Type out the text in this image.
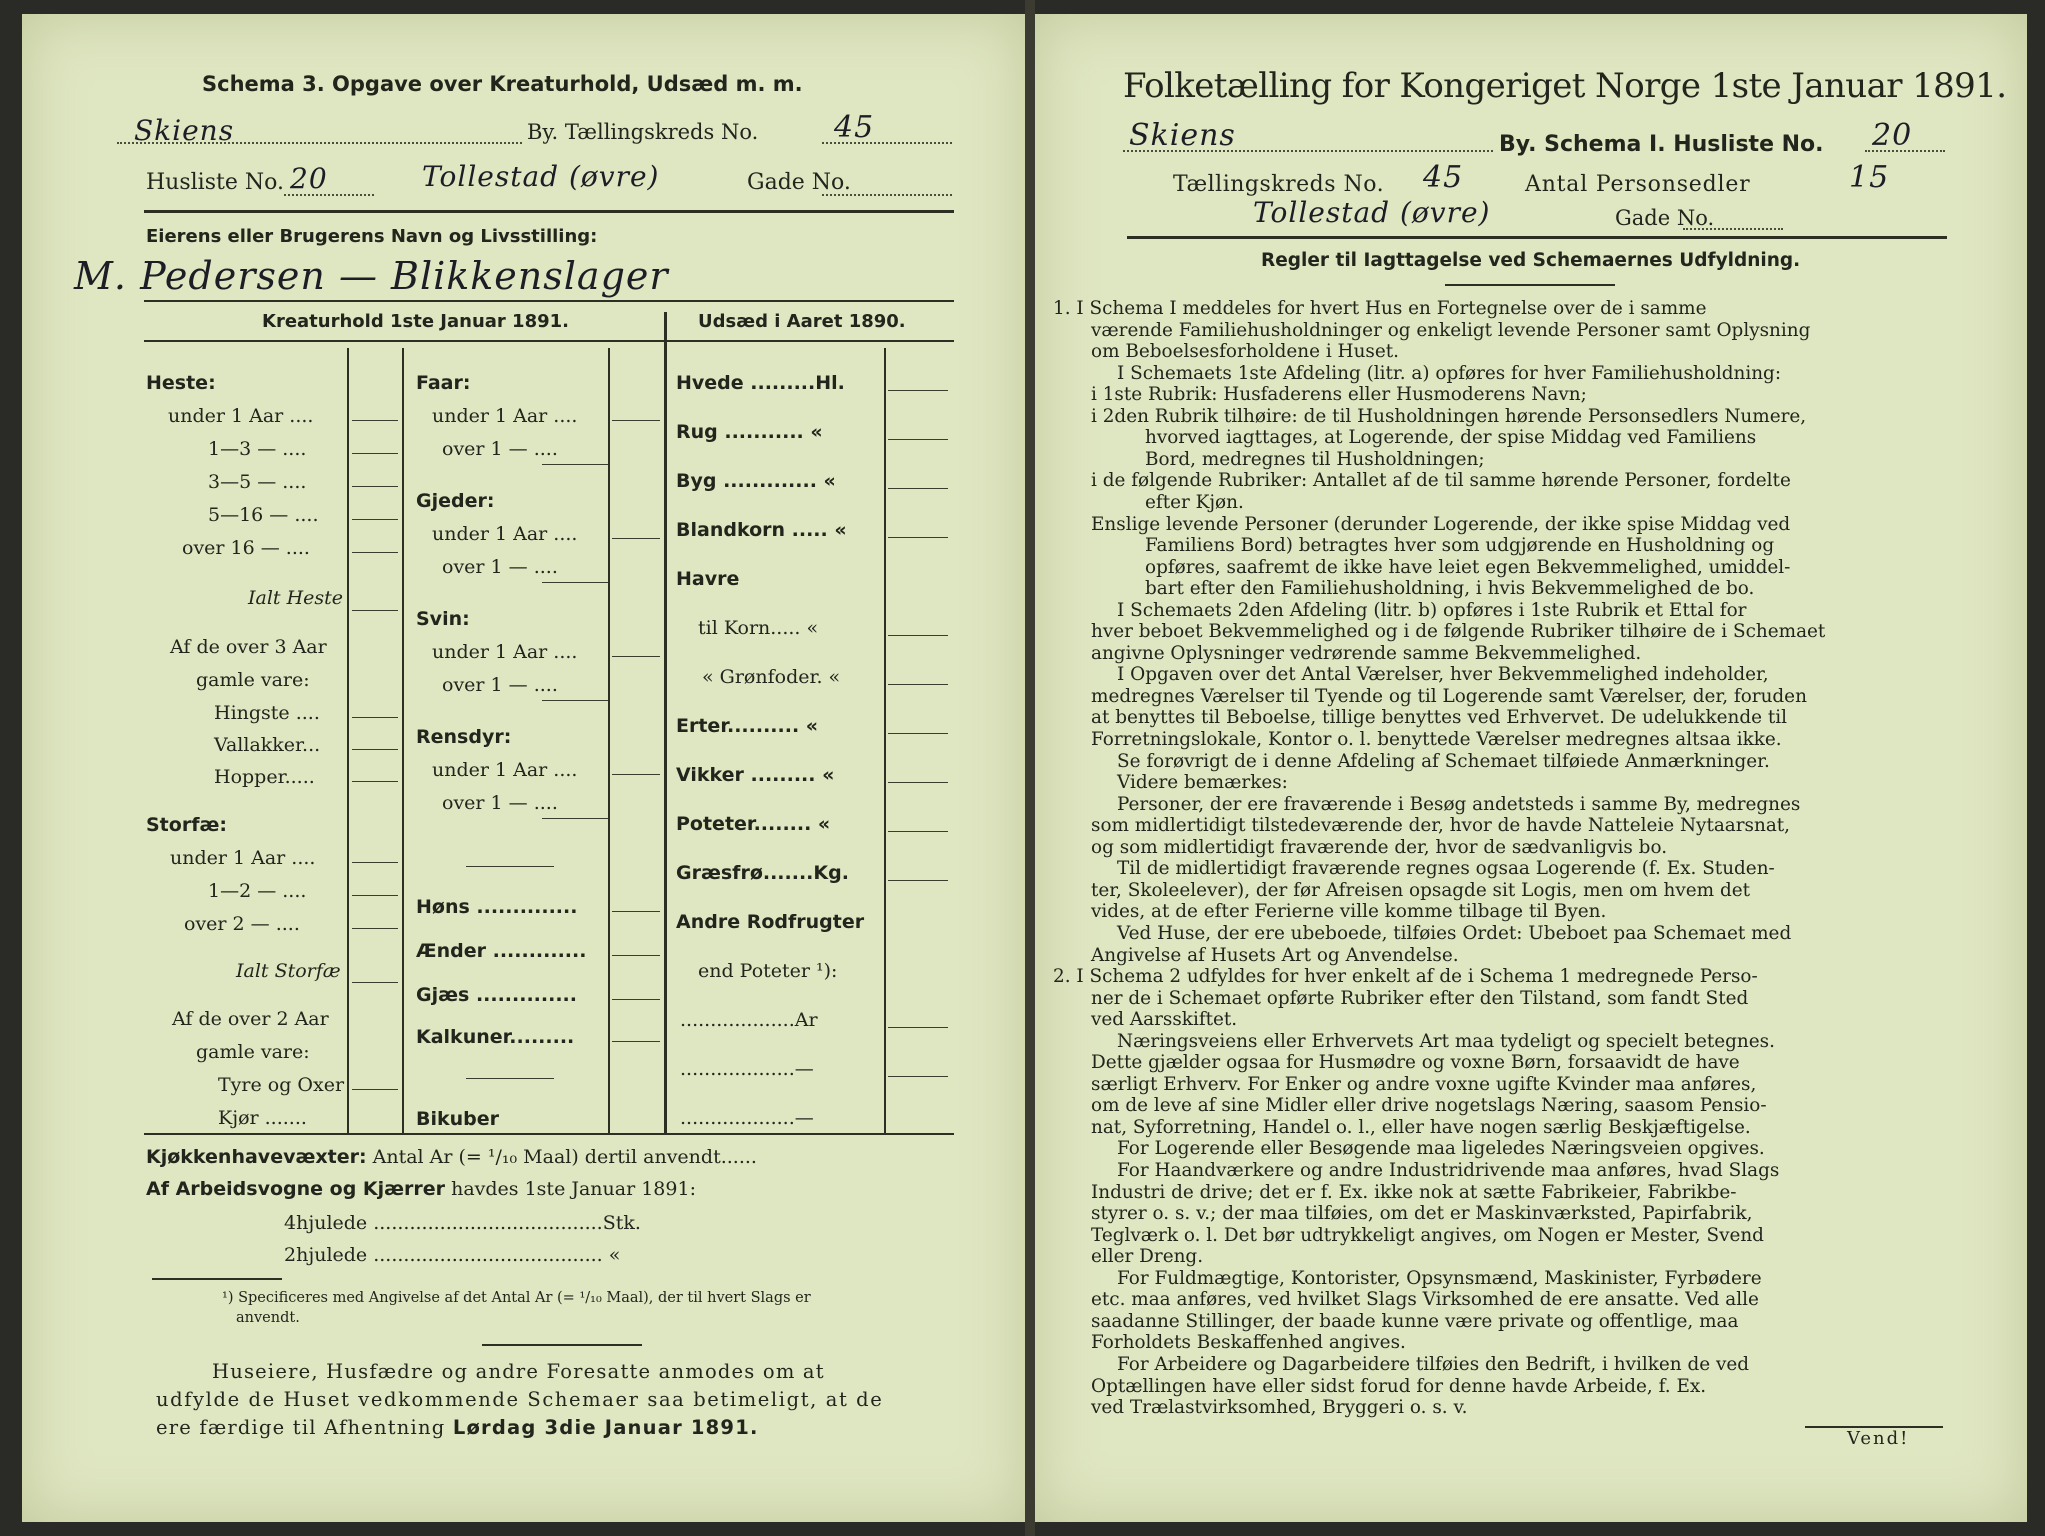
Schema 3. Opgave over Kreaturhold, Udsæd m. m.
Skiens	By. Tællingskreds No.	45
Husliste No. 20	Tollestad (øvre)	Gade No.
Eierens eller Brugerens Navn og Livsstilling:
M. Pedersen — Blikkenslager
Kreaturhold 1ste Januar 1891.	Udsæd i Aaret 1890.
Heste:
under 1 Aar ....
1—3 — ....
3—5 — ....
5—16 — ....
over 16 — ....
Ialt Heste
Af de over 3 Aar
gamle vare:
Hingste ....
Vallakker...
Hopper.....
Storfæ:
under 1 Aar ....
1—2 — ....
over 2 — ....
Ialt Storfæ
Af de over 2 Aar
gamle vare:
Tyre og Oxer
Kjør .......
Faar:
under 1 Aar ....
over 1 — ....
Gjeder:
under 1 Aar ....
over 1 — ....
Svin:
under 1 Aar ....
over 1 — ....
Rensdyr:
under 1 Aar ....
over 1 — ....
Høns ..............
Ænder .............
Gjæs ..............
Kalkuner.........
Bikuber
Hvede .........Hl.
Rug ........... «
Byg ............. «
Blandkorn ..... «
Havre
til Korn..... «
« Grønfoder. «
Erter.......... «
Vikker ......... «
Poteter........ «
Græsfrø.......Kg.
Andre Rodfrugter
end Poteter ¹):
...................Ar
...................—
...................—
Kjøkkenhavevæxter: Antal Ar (= ¹/₁₀ Maal) dertil anvendt......
Af Arbeidsvogne og Kjærrer havdes 1ste Januar 1891:
4hjulede ......................................Stk.
2hjulede ...................................... «
¹) Specificeres med Angivelse af det Antal Ar (= ¹/₁₀ Maal), der til hvert Slags er
anvendt.
Huseiere, Husfædre og andre Foresatte anmodes om at
udfylde de Huset vedkommende Schemaer saa betimeligt, at de
ere færdige til Afhentning Lørdag 3die Januar 1891.
Folketælling for Kongeriget Norge 1ste Januar 1891.
Skiens	By. Schema I. Husliste No. 20
Tællingskreds No. 45	Antal Personsedler	15
Tollestad (øvre)	Gade No.
Regler til Iagttagelse ved Schemaernes Udfyldning.
1. I Schema I meddeles for hvert Hus en Fortegnelse over de i samme
værende Familiehusholdninger og enkeligt levende Personer samt Oplysning
om Beboelsesforholdene i Huset.
I Schemaets 1ste Afdeling (litr. a) opføres for hver Familiehusholdning:
i 1ste Rubrik: Husfaderens eller Husmoderens Navn;
i 2den Rubrik tilhøire: de til Husholdningen hørende Personsedlers Numere,
hvorved iagttages, at Logerende, der spise Middag ved Familiens
Bord, medregnes til Husholdningen;
i de følgende Rubriker: Antallet af de til samme hørende Personer, fordelte
efter Kjøn.
Enslige levende Personer (derunder Logerende, der ikke spise Middag ved
Familiens Bord) betragtes hver som udgjørende en Husholdning og
opføres, saafremt de ikke have leiet egen Bekvemmelighed, umiddel-
bart efter den Familiehusholdning, i hvis Bekvemmelighed de bo.
I Schemaets 2den Afdeling (litr. b) opføres i 1ste Rubrik et Ettal for
hver beboet Bekvemmelighed og i de følgende Rubriker tilhøire de i Schemaet
angivne Oplysninger vedrørende samme Bekvemmelighed.
I Opgaven over det Antal Værelser, hver Bekvemmelighed indeholder,
medregnes Værelser til Tyende og til Logerende samt Værelser, der, foruden
at benyttes til Beboelse, tillige benyttes ved Erhvervet. De udelukkende til
Forretningslokale, Kontor o. l. benyttede Værelser medregnes altsaa ikke.
Se forøvrigt de i denne Afdeling af Schemaet tilføiede Anmærkninger.
Videre bemærkes:
Personer, der ere fraværende i Besøg andetsteds i samme By, medregnes
som midlertidigt tilstedeværende der, hvor de havde Natteleie Nytaarsnat,
og som midlertidigt fraværende der, hvor de sædvanligvis bo.
Til de midlertidigt fraværende regnes ogsaa Logerende (f. Ex. Studen-
ter, Skoleelever), der før Afreisen opsagde sit Logis, men om hvem det
vides, at de efter Ferierne ville komme tilbage til Byen.
Ved Huse, der ere ubeboede, tilføies Ordet: Ubeboet paa Schemaet med
Angivelse af Husets Art og Anvendelse.
2. I Schema 2 udfyldes for hver enkelt af de i Schema 1 medregnede Perso-
ner de i Schemaet opførte Rubriker efter den Tilstand, som fandt Sted
ved Aarsskiftet.
Næringsveiens eller Erhvervets Art maa tydeligt og specielt betegnes.
Dette gjælder ogsaa for Husmødre og voxne Børn, forsaavidt de have
særligt Erhverv. For Enker og andre voxne ugifte Kvinder maa anføres,
om de leve af sine Midler eller drive nogetslags Næring, saasom Pensio-
nat, Syforretning, Handel o. l., eller have nogen særlig Beskjæftigelse.
For Logerende eller Besøgende maa ligeledes Næringsveien opgives.
For Haandværkere og andre Industridrivende maa anføres, hvad Slags
Industri de drive; det er f. Ex. ikke nok at sætte Fabrikeier, Fabrikbe-
styrer o. s. v.; der maa tilføies, om det er Maskinværksted, Papirfabrik,
Teglværk o. l. Det bør udtrykkeligt angives, om Nogen er Mester, Svend
eller Dreng.
For Fuldmægtige, Kontorister, Opsynsmænd, Maskinister, Fyrbødere
etc. maa anføres, ved hvilket Slags Virksomhed de ere ansatte. Ved alle
saadanne Stillinger, der baade kunne være private og offentlige, maa
Forholdets Beskaffenhed angives.
For Arbeidere og Dagarbeidere tilføies den Bedrift, i hvilken de ved
Optællingen have eller sidst forud for denne havde Arbeide, f. Ex.
ved Trælastvirksomhed, Bryggeri o. s. v.
Vend!
